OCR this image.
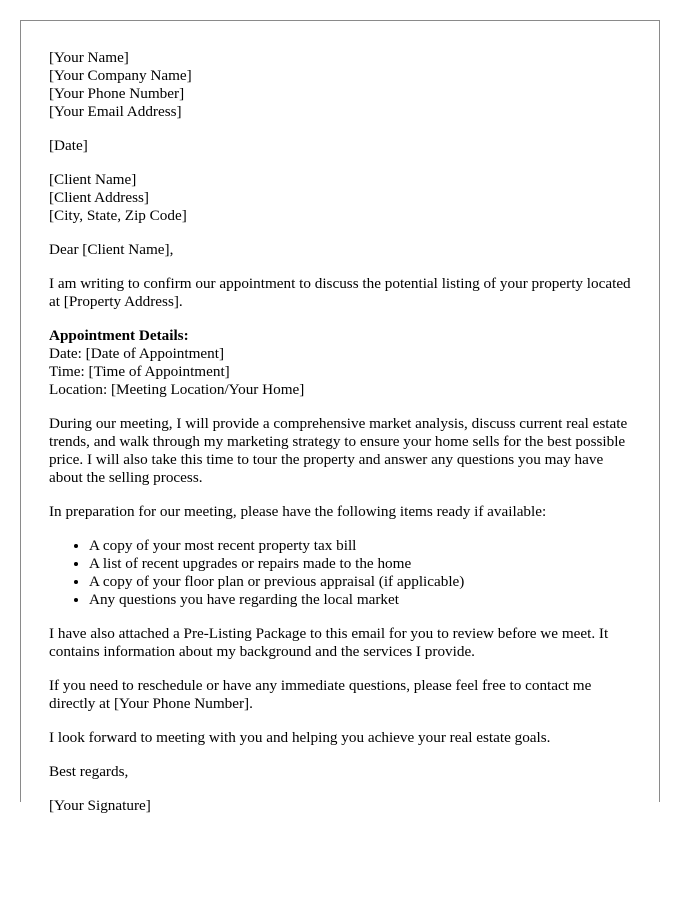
[Your Name]
[Your Company Name]
[Your Phone Number]
[Your Email Address]
[Date]
[Client Name]
[Client Address]
[City, State, Zip Code]
Dear [Client Name],

I am writing to confirm our appointment to discuss the potential listing of your property located at [Property Address].

Appointment Details:
Date: [Date of Appointment]
Time: [Time of Appointment]
Location: [Meeting Location/Your Home]

During our meeting, I will provide a comprehensive market analysis, discuss current real estate trends, and walk through my marketing strategy to ensure your home sells for the best possible price. I will also take this time to tour the property and answer any questions you may have about the selling process.

In preparation for our meeting, please have the following items ready if available:

• A copy of your most recent property tax bill
• A list of recent upgrades or repairs made to the home
• A copy of your floor plan or previous appraisal (if applicable)
• Any questions you have regarding the local market

I have also attached a Pre-Listing Package to this email for you to review before we meet. It contains information about my background and the services I provide.

If you need to reschedule or have any immediate questions, please feel free to contact me directly at [Your Phone Number].

I look forward to meeting with you and helping you achieve your real estate goals.

Best regards,
[Your Signature]
